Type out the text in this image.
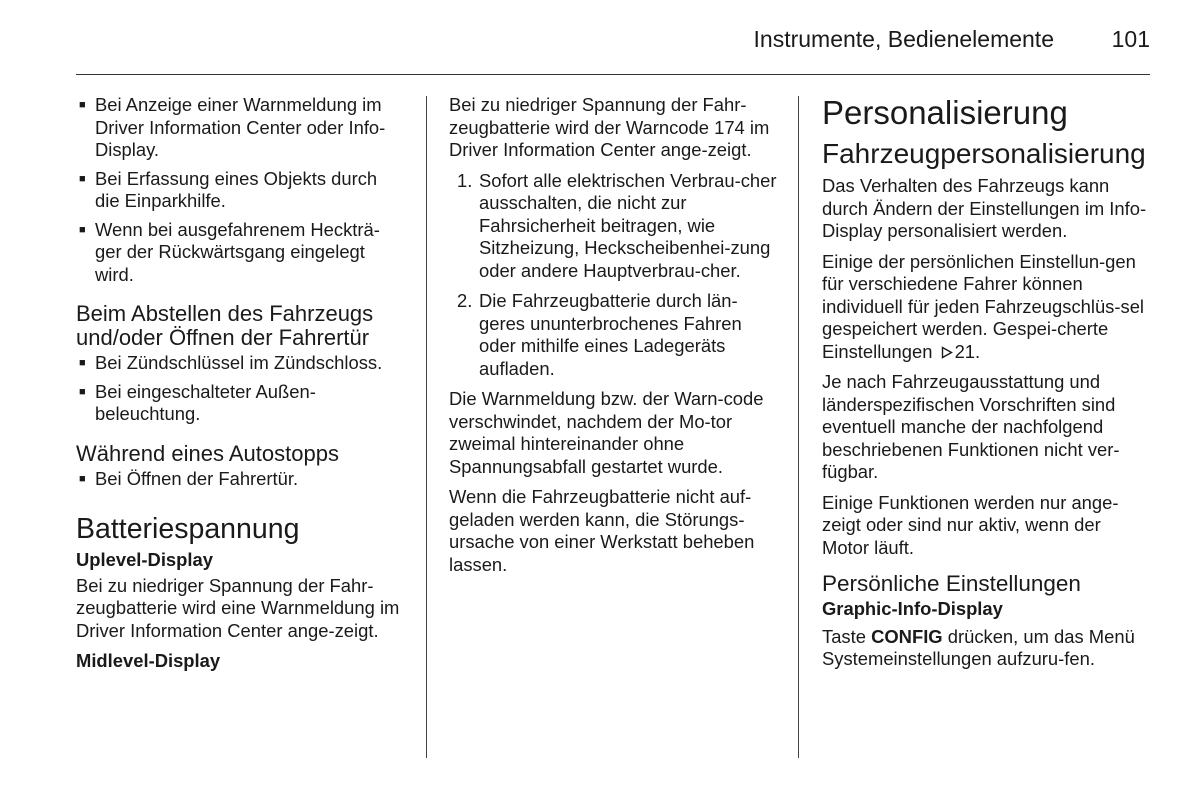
Instrumente, Bedienelemente	101
■ Bei Anzeige einer Warnmeldung im Driver Information Center oder Info-Display.
■ Bei Erfassung eines Objekts durch die Einparkhilfe.
■ Wenn bei ausgefahrenem Heckträ-ger der Rückwärtsgang eingelegt wird.
Beim Abstellen des Fahrzeugs und/oder Öffnen der Fahrertür
■ Bei Zündschlüssel im Zündschloss.
■ Bei eingeschalteter Außen-beleuchtung.
Während eines Autostopps
■ Bei Öffnen der Fahrertür.
Batteriespannung
Uplevel-Display

Bei zu niedriger Spannung der Fahr-zeugbatterie wird eine Warnmeldung im Driver Information Center ange-zeigt.

Midlevel-Display

Bei zu niedriger Spannung der Fahr-zeugbatterie wird der Warncode 174 im Driver Information Center ange-zeigt.

1. Sofort alle elektrischen Verbrau-cher ausschalten, die nicht zur Fahrsicherheit beitragen, wie Sitzheizung, Heckscheibenhei-zung oder andere Hauptverbrau-cher.
2. Die Fahrzeugbatterie durch län-geres ununterbrochenes Fahren oder mithilfe eines Ladegeräts aufladen.

Die Warnmeldung bzw. der Warn-code verschwindet, nachdem der Mo-tor zweimal hintereinander ohne Spannungsabfall gestartet wurde.

Wenn die Fahrzeugbatterie nicht auf-geladen werden kann, die Störungs-ursache von einer Werkstatt beheben lassen.

Personalisierung
Fahrzeugpersonalisierung

Das Verhalten des Fahrzeugs kann durch Ändern der Einstellungen im Info-Display personalisiert werden.

Einige der persönlichen Einstellun-gen für verschiedene Fahrer können individuell für jeden Fahrzeugschlüs-sel gespeichert werden. Gespei-cherte Einstellungen 21.

Je nach Fahrzeugausstattung und länderspezifischen Vorschriften sind eventuell manche der nachfolgend beschriebenen Funktionen nicht ver-fügbar.

Einige Funktionen werden nur ange-zeigt oder sind nur aktiv, wenn der Motor läuft.

Persönliche Einstellungen
Graphic-Info-Display

Taste CONFIG drücken, um das Menü Systemeinstellungen aufzuru-fen.
